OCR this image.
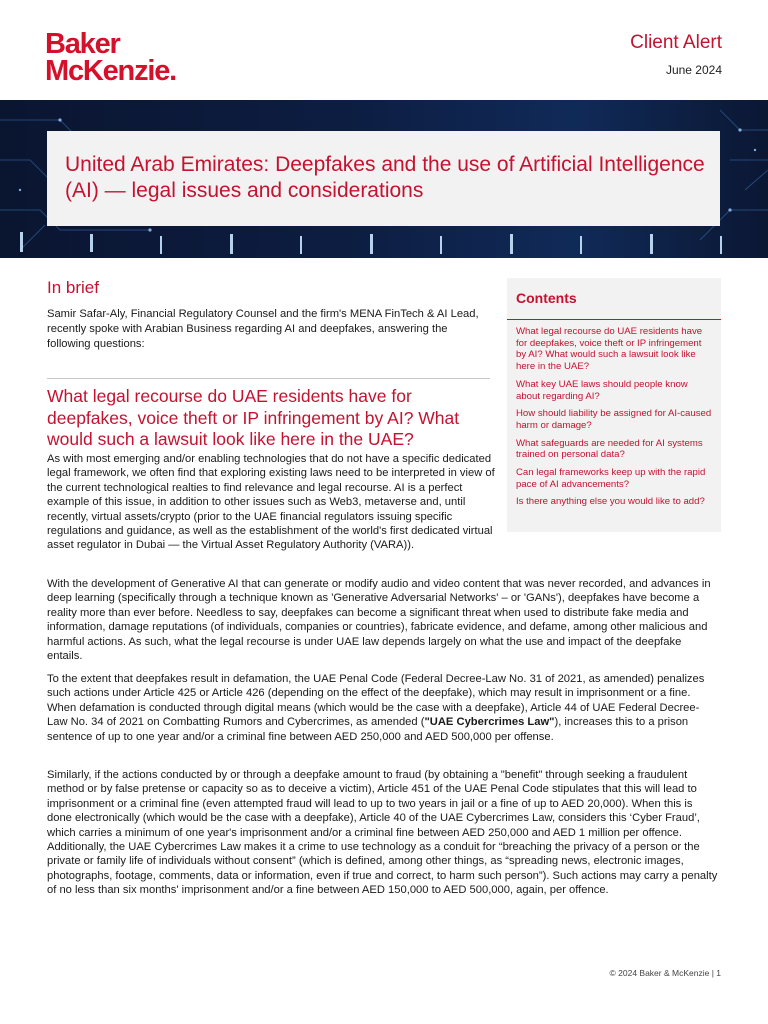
Baker
McKenzie.
Client Alert
June 2024
United Arab Emirates: Deepfakes and the use of Artificial Intelligence (AI) — legal issues and considerations
In brief
Samir Safar-Aly, Financial Regulatory Counsel and the firm's MENA FinTech & AI Lead, recently spoke with Arabian Business regarding AI and deepfakes, answering the following questions:
What legal recourse do UAE residents have for deepfakes, voice theft or IP infringement by AI? What would such a lawsuit look like here in the UAE?

As with most emerging and/or enabling technologies that do not have a specific dedicated legal framework, we often find that exploring existing laws need to be interpreted in view of the current technological realties to find relevance and legal recourse. AI is a perfect example of this issue, in addition to other issues such as Web3, metaverse and, until recently, virtual assets/crypto (prior to the UAE financial regulators issuing specific regulations and guidance, as well as the establishment of the world's first dedicated virtual asset regulator in Dubai — the Virtual Asset Regulatory Authority (VARA)).

With the development of Generative AI that can generate or modify audio and video content that was never recorded, and advances in deep learning (specifically through a technique known as 'Generative Adversarial Networks' – or 'GANs'), deepfakes have become a reality more than ever before. Needless to say, deepfakes can become a significant threat when used to distribute fake media and information, damage reputations (of individuals, companies or countries), fabricate evidence, and defame, among other malicious and harmful actions. As such, what the legal recourse is under UAE law depends largely on what the use and impact of the deepfake entails.

To the extent that deepfakes result in defamation, the UAE Penal Code (Federal Decree-Law No. 31 of 2021, as amended) penalizes such actions under Article 425 or Article 426 (depending on the effect of the deepfake), which may result in imprisonment or a fine. When defamation is conducted through digital means (which would be the case with a deepfake), Article 44 of UAE Federal Decree-Law No. 34 of 2021 on Combatting Rumors and Cybercrimes, as amended ("UAE Cybercrimes Law"), increases this to a prison sentence of up to one year and/or a criminal fine between AED 250,000 and AED 500,000 per offense.

Similarly, if the actions conducted by or through a deepfake amount to fraud (by obtaining a "benefit" through seeking a fraudulent method or by false pretense or capacity so as to deceive a victim), Article 451 of the UAE Penal Code stipulates that this will lead to imprisonment or a criminal fine (even attempted fraud will lead to up to two years in jail or a fine of up to AED 20,000). When this is done electronically (which would be the case with a deepfake), Article 40 of the UAE Cybercrimes Law, considers this ‘Cyber Fraud’, which carries a minimum of one year's imprisonment and/or a criminal fine between AED 250,000 and AED 1 million per offence. Additionally, the UAE Cybercrimes Law makes it a crime to use technology as a conduit for “breaching the privacy of a person or the private or family life of individuals without consent” (which is defined, among other things, as “spreading news, electronic images, photographs, footage, comments, data or information, even if true and correct, to harm such person”). Such actions may carry a penalty of no less than six months' imprisonment and/or a fine between AED 150,000 to AED 500,000, again, per offence.

Contents
What legal recourse do UAE residents have for deepfakes, voice theft or IP infringement by AI? What would such a lawsuit look like here in the UAE?
What key UAE laws should people know about regarding AI?
How should liability be assigned for AI-caused harm or damage?
What safeguards are needed for AI systems trained on personal data?
Can legal frameworks keep up with the rapid pace of AI advancements?
Is there anything else you would like to add?
© 2024 Baker & McKenzie | 1
